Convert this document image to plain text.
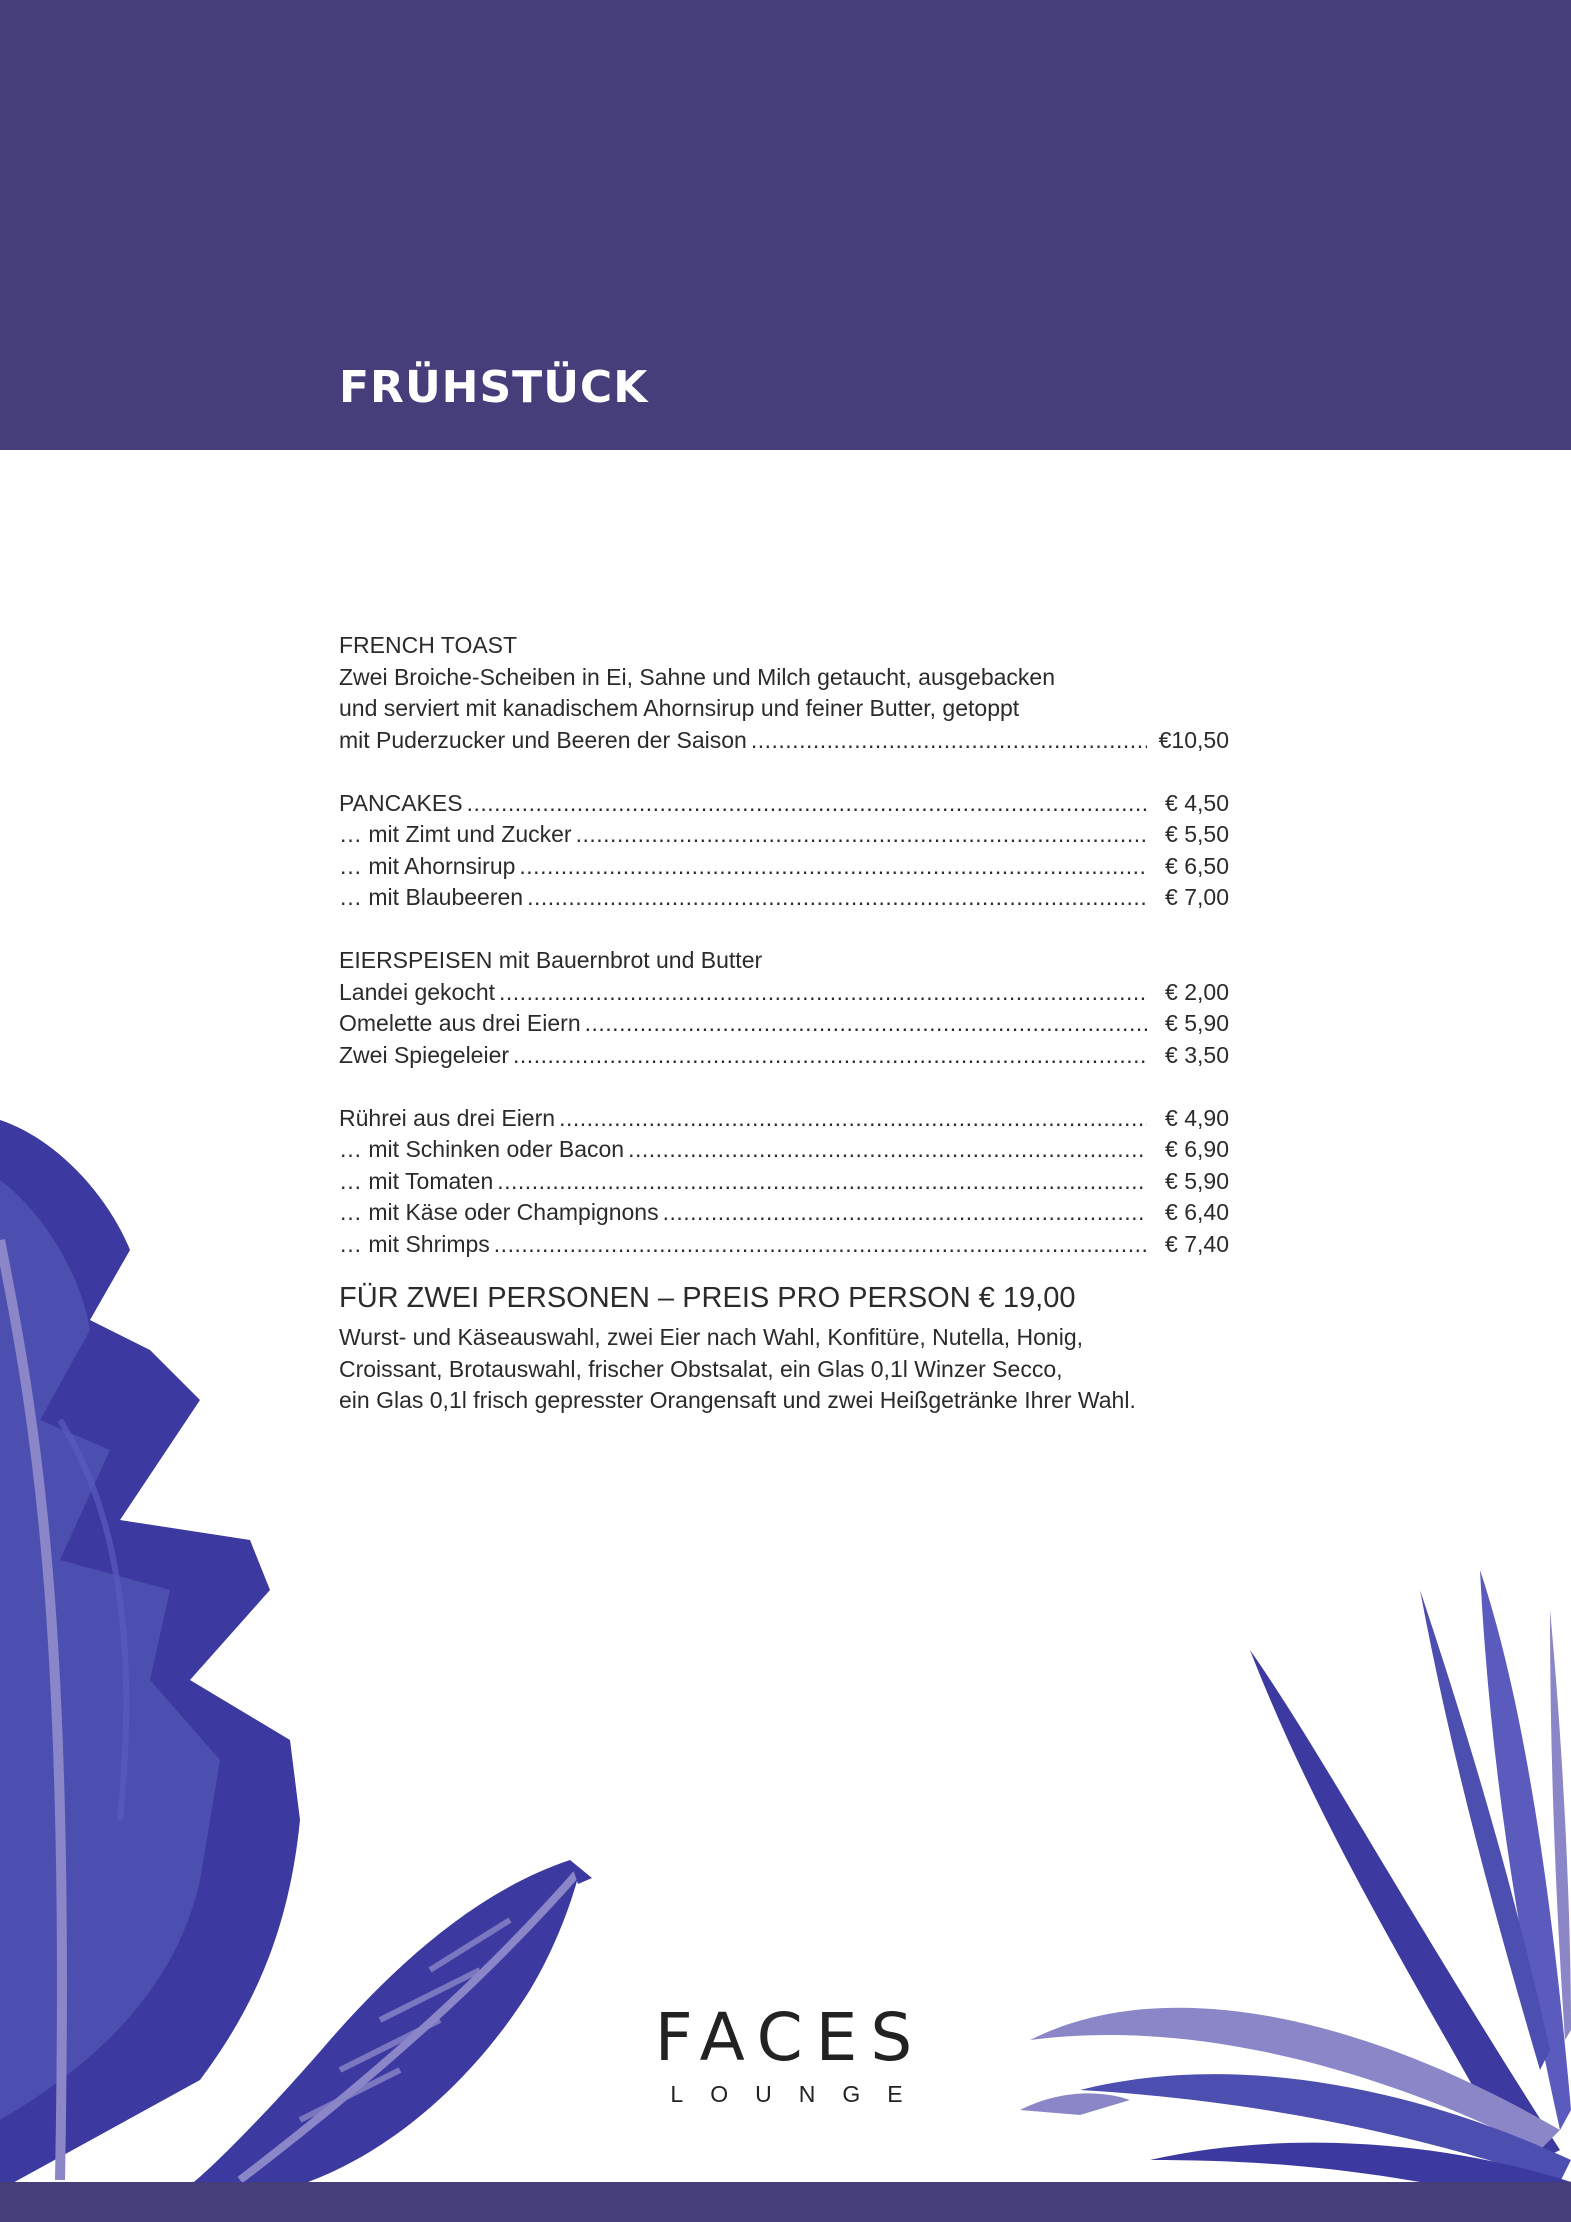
FRÜHSTÜCK
FRENCH TOAST
Zwei Broiche-Scheiben in Ei, Sahne und Milch getaucht, ausgebacken
und serviert mit kanadischem Ahornsirup und feiner Butter, getoppt
mit Puderzucker und Beeren der Saison .....	€10,50
PANCAKES .....	€ 4,50
… mit Zimt und Zucker .....	€ 5,50
… mit Ahornsirup .....	€ 6,50
… mit Blaubeeren .....	€ 7,00
EIERSPEISEN mit Bauernbrot und Butter
Landei gekocht .....	€ 2,00
Omelette aus drei Eiern .....	€ 5,90
Zwei Spiegeleier .....	€ 3,50
Rührei aus drei Eiern .....	€ 4,90
… mit Schinken oder Bacon .....	€ 6,90
… mit Tomaten .....	€ 5,90
… mit Käse oder Champignons .....	€ 6,40
… mit Shrimps .....	€ 7,40
FÜR ZWEI PERSONEN – PREIS PRO PERSON € 19,00
Wurst- und Käseauswahl, zwei Eier nach Wahl, Konfitüre, Nutella, Honig,
Croissant, Brotauswahl, frischer Obstsalat, ein Glas 0,1l Winzer Secco,
ein Glas 0,1l frisch gepresster Orangensaft und zwei Heißgetränke Ihrer Wahl.
FACES
LOUNGE
